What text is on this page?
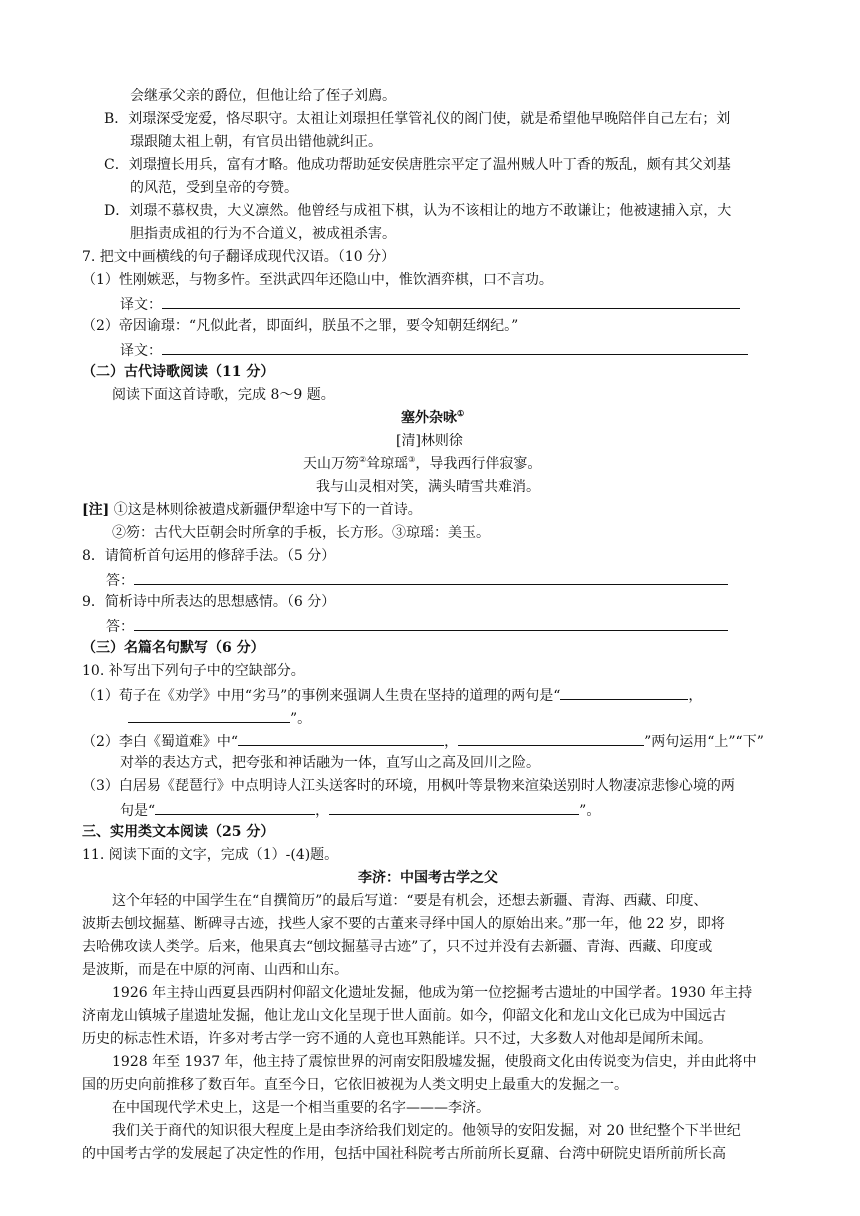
会继承父亲的爵位，但他让给了侄子刘廌。
B．刘璟深受宠爱，恪尽职守。太祖让刘璟担任掌管礼仪的阁门使，就是希望他早晚陪伴自己左右；刘
璟跟随太祖上朝，有官员出错他就纠正。
C．刘璟擅长用兵，富有才略。他成功帮助延安侯唐胜宗平定了温州贼人叶丁香的叛乱，颇有其父刘基
的风范，受到皇帝的夸赞。
D．刘璟不慕权贵，大义凛然。他曾经与成祖下棋，认为不该相让的地方不敢谦让；他被逮捕入京，大
胆指责成祖的行为不合道义，被成祖杀害。
7. 把文中画横线的句子翻译成现代汉语。（10 分）
（1）性刚嫉恶，与物多忤。至洪武四年还隐山中，惟饮酒弈棋，口不言功。
译文：
（2）帝因谕璟：“凡似此者，即面纠，朕虽不之罪，要令知朝廷纲纪。”
译文：
（二）古代诗歌阅读（11 分）
阅读下面这首诗歌，完成 8～9 题。
塞外杂咏①
[清]林则徐
天山万笏②耸琼瑶③，导我西行伴寂寥。
我与山灵相对笑，满头晴雪共难消。
[注] ①这是林则徐被遣戍新疆伊犁途中写下的一首诗。
②笏：古代大臣朝会时所拿的手板，长方形。③琼瑶：美玉。
8．请简析首句运用的修辞手法。（5 分）
答：
9．简析诗中所表达的思想感情。（6 分）
答：
（三）名篇名句默写（6 分）
10. 补写出下列句子中的空缺部分。
（1）荀子在《劝学》中用“劣马”的事例来强调人生贵在坚持的道理的两句是“	，
”。
（2）李白《蜀道难》中“	，	”两句运用“上”“下”
对举的表达方式，把夸张和神话融为一体，直写山之高及回川之险。
（3）白居易《琵琶行》中点明诗人江头送客时的环境，用枫叶等景物来渲染送别时人物凄凉悲惨心境的两
句是“	，	”。
三、实用类文本阅读（25 分）
11. 阅读下面的文字，完成（1）-(4)题。
李济：中国考古学之父
这个年轻的中国学生在“自撰简历”的最后写道：“要是有机会，还想去新疆、青海、西藏、印度、
波斯去刨坟掘墓、断碑寻古迹，找些人家不要的古董来寻绎中国人的原始出来。”那一年，他 22 岁，即将
去哈佛攻读人类学。后来，他果真去“刨坟掘墓寻古迹”了，只不过并没有去新疆、青海、西藏、印度或
是波斯，而是在中原的河南、山西和山东。
1926 年主持山西夏县西阴村仰韶文化遗址发掘，他成为第一位挖掘考古遗址的中国学者。1930 年主持
济南龙山镇城子崖遗址发掘，他让龙山文化呈现于世人面前。如今，仰韶文化和龙山文化已成为中国远古
历史的标志性术语，许多对考古学一窍不通的人竟也耳熟能详。只不过，大多数人对他却是闻所未闻。
1928 年至 1937 年，他主持了震惊世界的河南安阳殷墟发掘，使殷商文化由传说变为信史，并由此将中
国的历史向前推移了数百年。直至今日，它依旧被视为人类文明史上最重大的发掘之一。
在中国现代学术史上，这是一个相当重要的名字———李济。
我们关于商代的知识很大程度上是由李济给我们划定的。他领导的安阳发掘，对 20 世纪整个下半世纪
的中国考古学的发展起了决定性的作用，包括中国社科院考古所前所长夏鼐、台湾中研院史语所前所长高
